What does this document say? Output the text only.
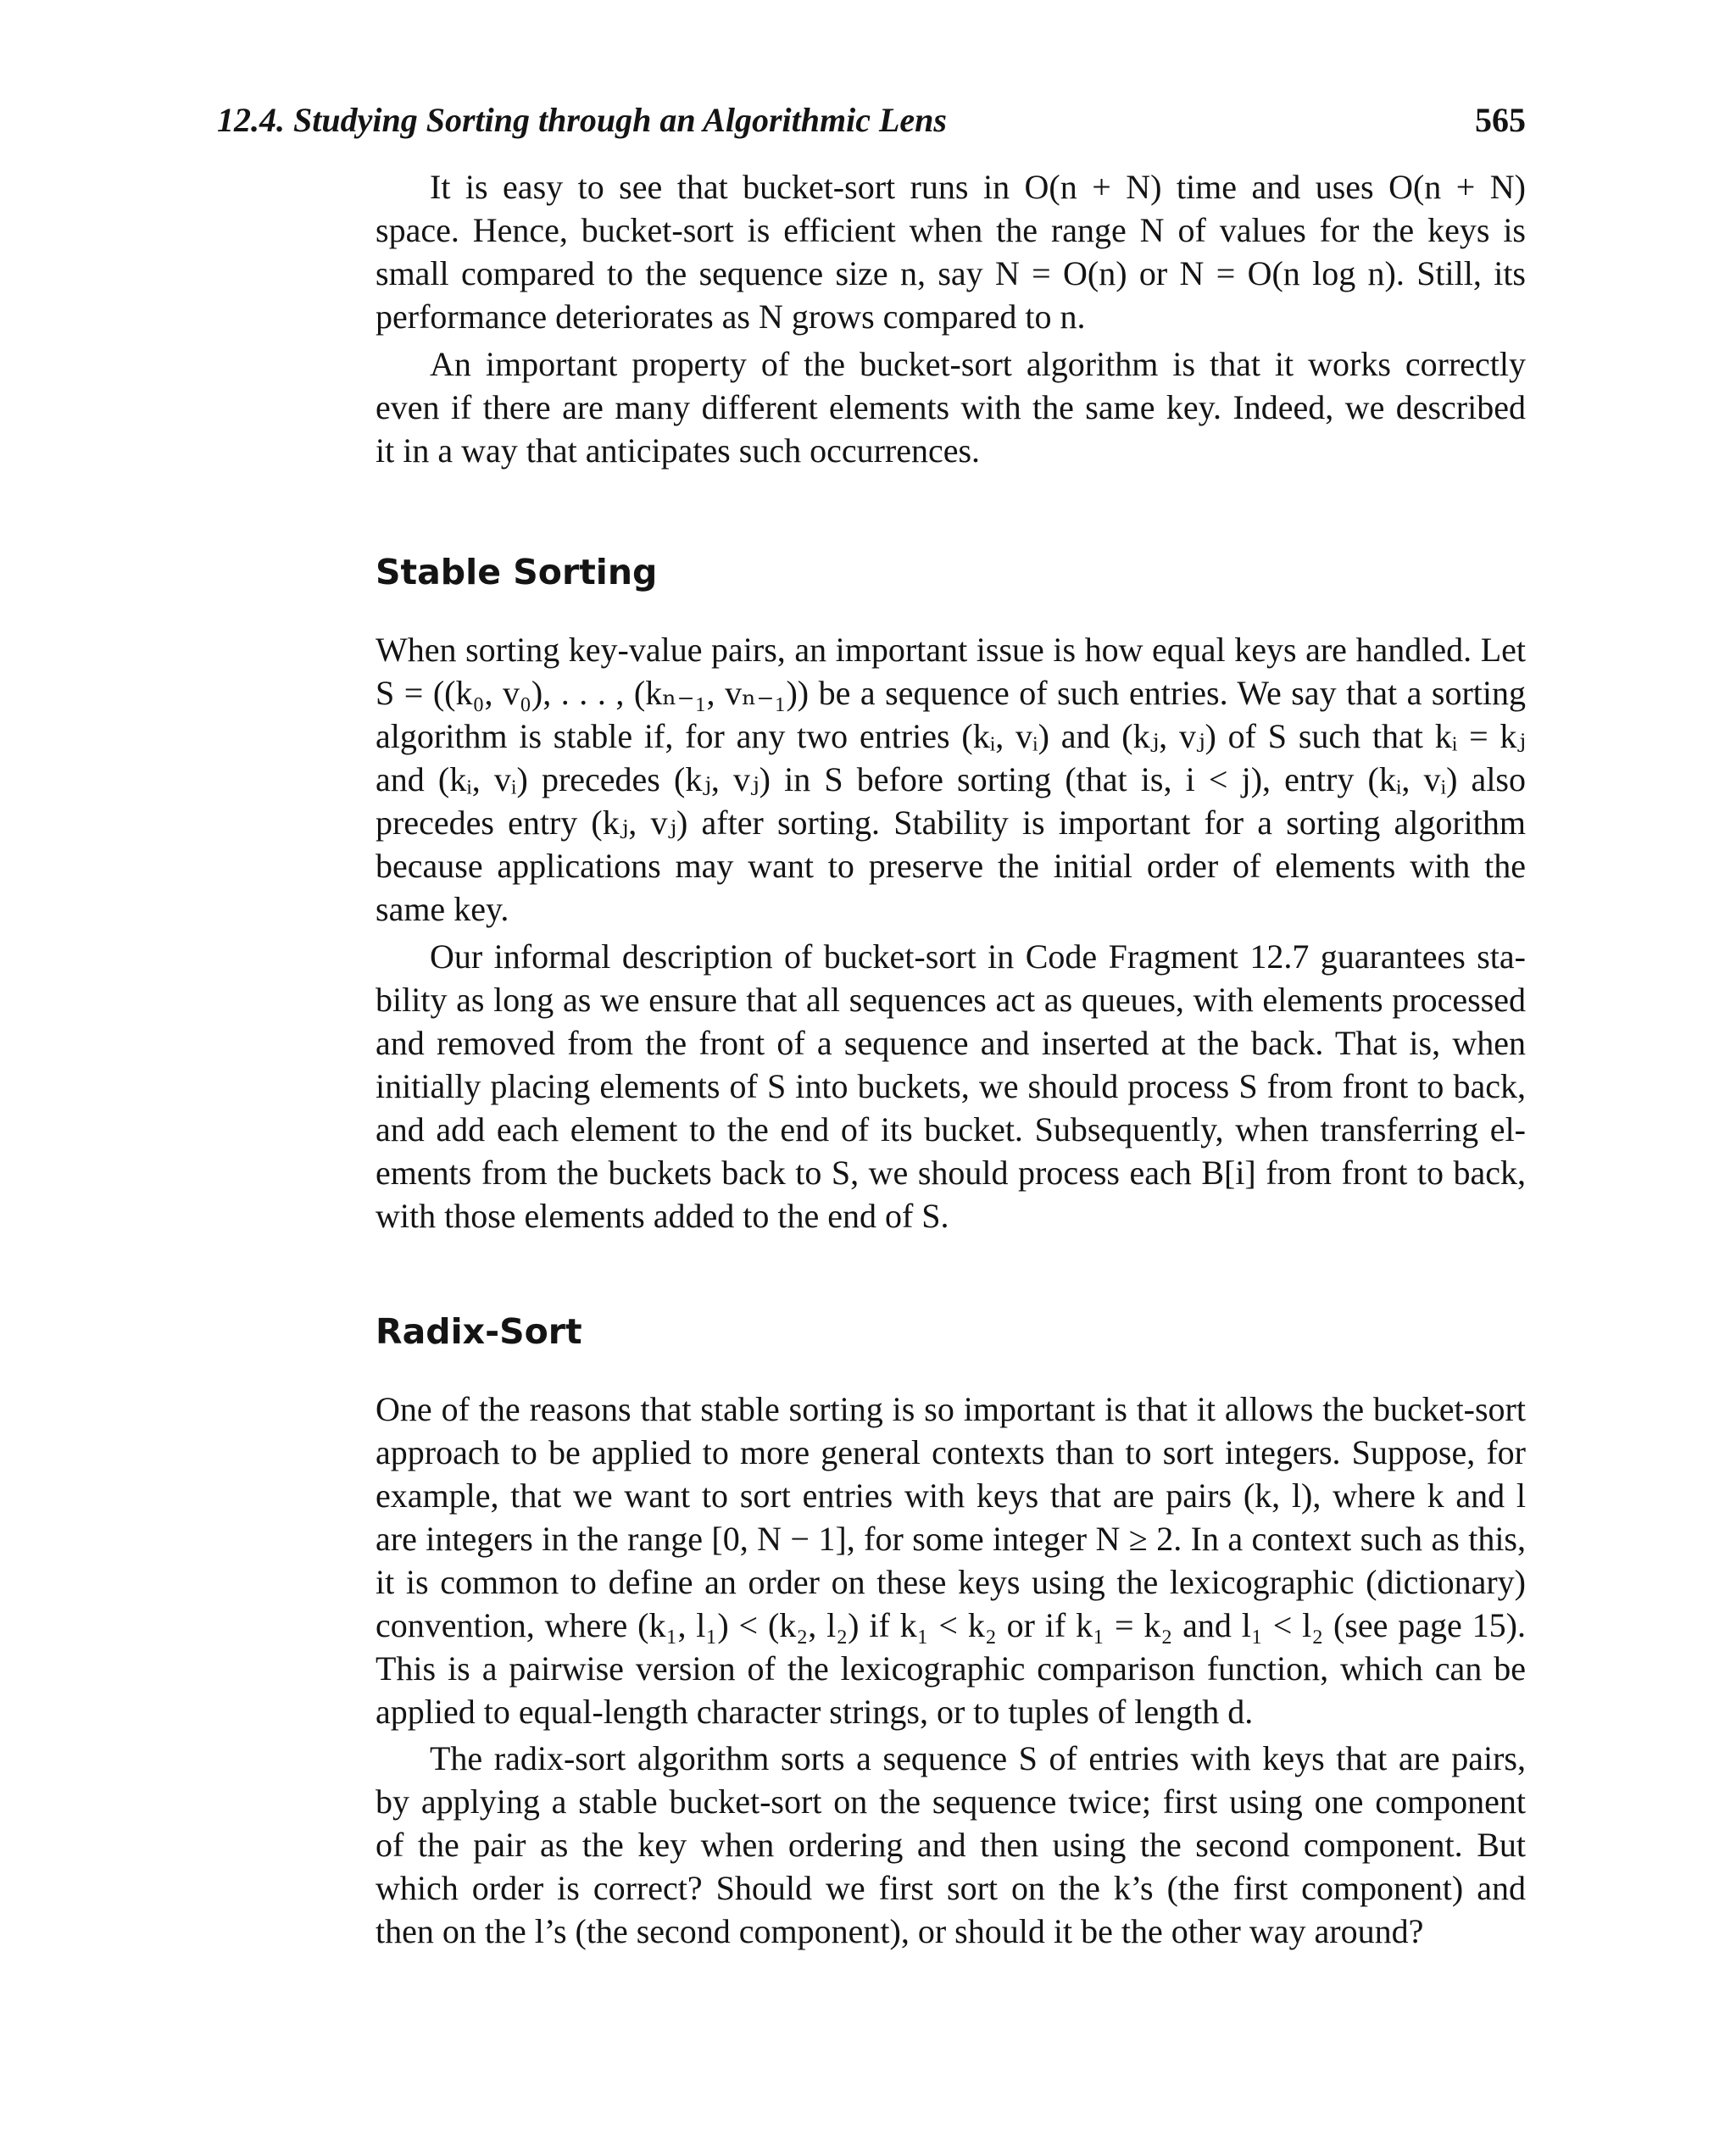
12.4. Studying Sorting through an Algorithmic Lens	565
It is easy to see that bucket-sort runs in O(n + N) time and uses O(n + N)
space. Hence, bucket-sort is efficient when the range N of values for the keys is
small compared to the sequence size n, say N = O(n) or N = O(n log n). Still, its
performance deteriorates as N grows compared to n.
An important property of the bucket-sort algorithm is that it works correctly
even if there are many different elements with the same key. Indeed, we described
it in a way that anticipates such occurrences.
Stable Sorting
When sorting key-value pairs, an important issue is how equal keys are handled. Let
S = ((k₀, v₀), . . . , (kₙ₋₁, vₙ₋₁)) be a sequence of such entries. We say that a sorting
algorithm is stable if, for any two entries (kᵢ, vᵢ) and (kⱼ, vⱼ) of S such that kᵢ = kⱼ
and (kᵢ, vᵢ) precedes (kⱼ, vⱼ) in S before sorting (that is, i < j), entry (kᵢ, vᵢ) also
precedes entry (kⱼ, vⱼ) after sorting. Stability is important for a sorting algorithm
because applications may want to preserve the initial order of elements with the
same key.
Our informal description of bucket-sort in Code Fragment 12.7 guarantees sta-
bility as long as we ensure that all sequences act as queues, with elements processed
and removed from the front of a sequence and inserted at the back. That is, when
initially placing elements of S into buckets, we should process S from front to back,
and add each element to the end of its bucket. Subsequently, when transferring el-
ements from the buckets back to S, we should process each B[i] from front to back,
with those elements added to the end of S.
Radix-Sort
One of the reasons that stable sorting is so important is that it allows the bucket-sort
approach to be applied to more general contexts than to sort integers. Suppose, for
example, that we want to sort entries with keys that are pairs (k, l), where k and l
are integers in the range [0, N − 1], for some integer N ≥ 2. In a context such as this,
it is common to define an order on these keys using the lexicographic (dictionary)
convention, where (k₁, l₁) < (k₂, l₂) if k₁ < k₂ or if k₁ = k₂ and l₁ < l₂ (see page 15).
This is a pairwise version of the lexicographic comparison function, which can be
applied to equal-length character strings, or to tuples of length d.
The radix-sort algorithm sorts a sequence S of entries with keys that are pairs,
by applying a stable bucket-sort on the sequence twice; first using one component
of the pair as the key when ordering and then using the second component. But
which order is correct? Should we first sort on the k’s (the first component) and
then on the l’s (the second component), or should it be the other way around?
